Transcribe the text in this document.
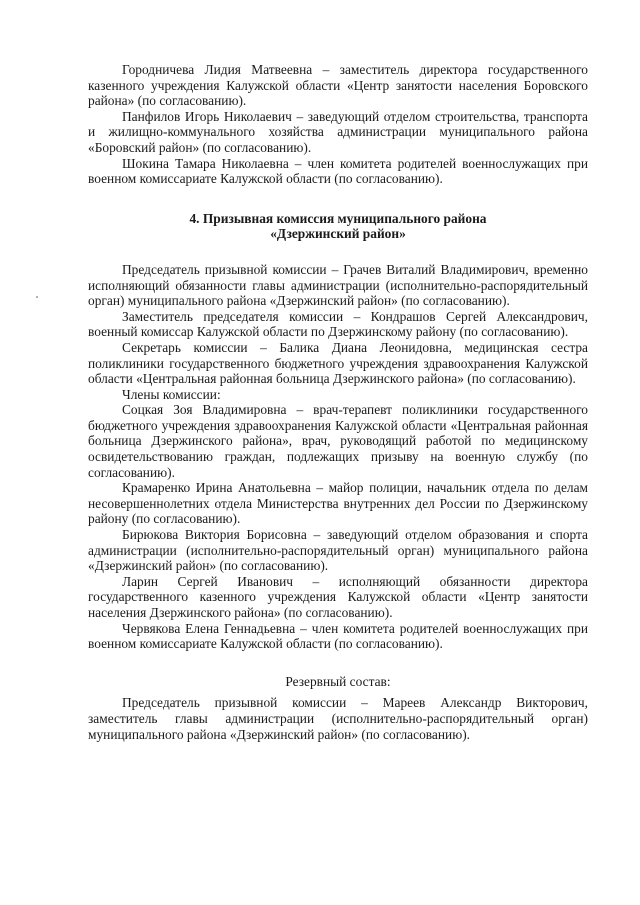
Городничева Лидия Матвеевна – заместитель директора государственного казенного учреждения Калужской области «Центр занятости населения Боровского района» (по согласованию).

Панфилов Игорь Николаевич – заведующий отделом строительства, транспорта и жилищно-коммунального хозяйства администрации муниципального района «Боровский район» (по согласованию).

Шокина Тамара Николаевна – член комитета родителей военнослужащих при военном комиссариате Калужской области (по согласованию).

4. Призывная комиссия муниципального района
«Дзержинский район»

Председатель призывной комиссии – Грачев Виталий Владимирович, временно исполняющий обязанности главы администрации (исполнительно-распорядительный орган) муниципального района «Дзержинский район» (по согласованию).

Заместитель председателя комиссии – Кондрашов Сергей Александрович, военный комиссар Калужской области по Дзержинскому району (по согласованию).

Секретарь комиссии – Балика Диана Леонидовна, медицинская сестра поликлиники государственного бюджетного учреждения здравоохранения Калужской области «Центральная районная больница Дзержинского района» (по согласованию).

Члены комиссии:

Соцкая Зоя Владимировна – врач-терапевт поликлиники государственного бюджетного учреждения здравоохранения Калужской области «Центральная районная больница Дзержинского района», врач, руководящий работой по медицинскому освидетельствованию граждан, подлежащих призыву на военную службу (по согласованию).

Крамаренко Ирина Анатольевна – майор полиции, начальник отдела по делам несовершеннолетних отдела Министерства внутренних дел России по Дзержинскому району (по согласованию).

Бирюкова Виктория Борисовна – заведующий отделом образования и спорта администрации (исполнительно-распорядительный орган) муниципального района «Дзержинский район» (по согласованию).

Ларин Сергей Иванович – исполняющий обязанности директора государственного казенного учреждения Калужской области «Центр занятости населения Дзержинского района» (по согласованию).

Червякова Елена Геннадьевна – член комитета родителей военнослужащих при военном комиссариате Калужской области (по согласованию).

Резервный состав:

Председатель призывной комиссии – Мареев Александр Викторович, заместитель главы администрации (исполнительно-распорядительный орган) муниципального района «Дзержинский район» (по согласованию).
